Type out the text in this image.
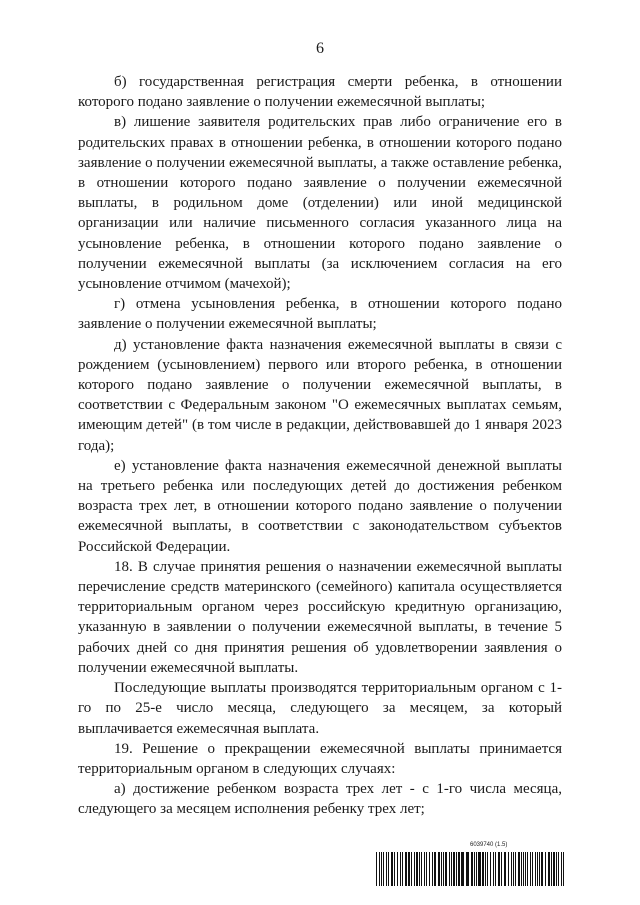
6

б) государственная регистрация смерти ребенка, в отношении которого подано заявление о получении ежемесячной выплаты;

в) лишение заявителя родительских прав либо ограничение его в родительских правах в отношении ребенка, в отношении которого подано заявление о получении ежемесячной выплаты, а также оставление ребенка, в отношении которого подано заявление о получении ежемесячной выплаты, в родильном доме (отделении) или иной медицинской организации или наличие письменного согласия указанного лица на усыновление ребенка, в отношении которого подано заявление о получении ежемесячной выплаты (за исключением согласия на его усыновление отчимом (мачехой);

г) отмена усыновления ребенка, в отношении которого подано заявление о получении ежемесячной выплаты;

д) установление факта назначения ежемесячной выплаты в связи с рождением (усыновлением) первого или второго ребенка, в отношении которого подано заявление о получении ежемесячной выплаты, в соответствии с Федеральным законом "О ежемесячных выплатах семьям, имеющим детей" (в том числе в редакции, действовавшей до 1 января 2023 года);

е) установление факта назначения ежемесячной денежной выплаты на третьего ребенка или последующих детей до достижения ребенком возраста трех лет, в отношении которого подано заявление о получении ежемесячной выплаты, в соответствии с законодательством субъектов Российской Федерации.

18. В случае принятия решения о назначении ежемесячной выплаты перечисление средств материнского (семейного) капитала осуществляется территориальным органом через российскую кредитную организацию, указанную в заявлении о получении ежемесячной выплаты, в течение 5 рабочих дней со дня принятия решения об удовлетворении заявления о получении ежемесячной выплаты.

Последующие выплаты производятся территориальным органом с 1-го по 25-е число месяца, следующего за месяцем, за который выплачивается ежемесячная выплата.

19. Решение о прекращении ежемесячной выплаты принимается территориальным органом в следующих случаях:

а) достижение ребенком возраста трех лет - с 1-го числа месяца, следующего за месяцем исполнения ребенку трех лет;

6039740 (1.5)
